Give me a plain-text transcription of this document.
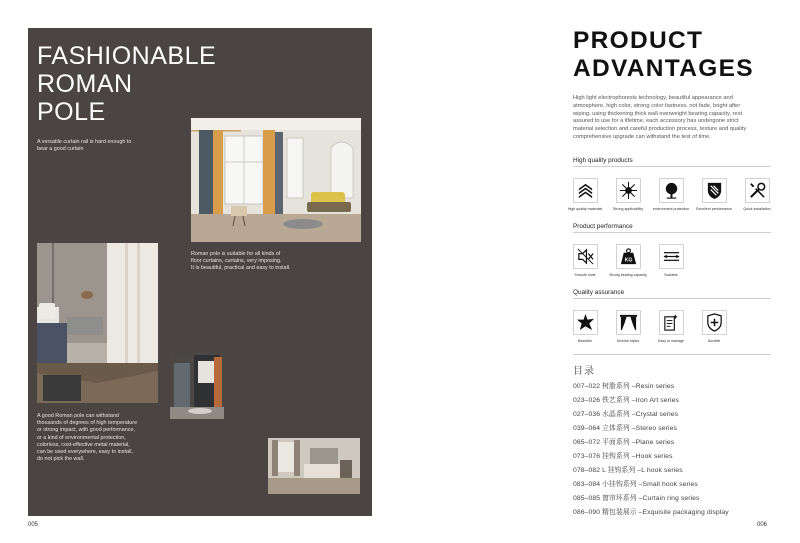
FASHIONABLE
ROMAN
POLE

A versatile curtain rail is hard enough to
bear a good curtain

Roman pole is suitable for all kinds of
floor curtains, curtains, very imposing.
It is beautiful, practical and easy to install.

A good Roman pole can withstand
thousands of degrees of high temperature
or strong impact, with good performance,
or a kind of environmental protection,
colorless, cost-effective metal material,
can be used everywhere, easy to install,
do not pick the wall.

005
PRODUCT
ADVANTAGES

High light electrophoresis technology, beautiful appearance and
atmosphere, high color, strong color fastness, not fade, bright after
wiping, using thickening thick wall overweight bearing capacity, rest
assured to use for a lifetime, each accessory has undergone strict
material selection and careful production process, texture and quality
comprehensive upgrade can withstand the test of time.

High quality products

High quality materials	Strong applicability	environment protection	Excellent performance	Quick installation

Product performance

KG
Smooth mute	Strong bearing capacity	Scalable

Quality assurance

Beautiful	Diverse styles	Easy to manage	Durable

目录

007–022 树脂系列 –Resin series
023–026 铁艺系列 –Iron Art series
027–036 水晶系列 –Crystal series
039–064 立体系列 –Stereo series
065–072 平面系列 –Plane series
073–076 挂钩系列 –Hook series
078–082 L 挂钩系列 –L hook series
083–084 小挂钩系列 –Small hook series
085–085 窗帘环系列 –Curtain ring series
086–090 精包装展示 –Exquisite packaging display
006
